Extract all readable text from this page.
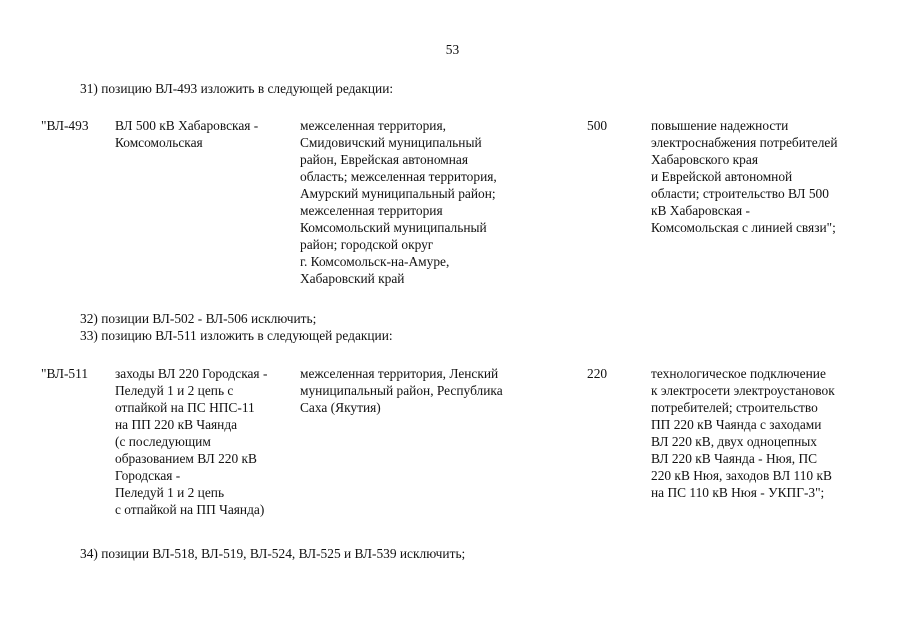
53
31) позицию ВЛ-493 изложить в следующей редакции:
"ВЛ-493 ВЛ 500 кВ Хабаровская -
Комсомольская
межселенная территория,
Смидовичский муниципальный
район, Еврейская автономная
область; межселенная территория,
Амурский муниципальный район;
межселенная территория
Комсомольский муниципальный
район; городской округ
г. Комсомольск-на-Амуре,
Хабаровский край
500	повышение надежности
электроснабжения потребителей
Хабаровского края
и Еврейской автономной
области; строительство ВЛ 500
кВ Хабаровская -
Комсомольская с линией связи";
32) позиции ВЛ-502 - ВЛ-506 исключить;
33) позицию ВЛ-511 изложить в следующей редакции:
"ВЛ-511 заходы ВЛ 220 Городская -
Пеледуй 1 и 2 цепь с
отпайкой на ПС НПС-11
на ПП 220 кВ Чаянда
(с последующим
образованием ВЛ 220 кВ
Городская -
Пеледуй 1 и 2 цепь
с отпайкой на ПП Чаянда)
межселенная территория, Ленский
муниципальный район, Республика
Саха (Якутия)
220	технологическое подключение
к электросети электроустановок
потребителей; строительство
ПП 220 кВ Чаянда с заходами
ВЛ 220 кВ, двух одноцепных
ВЛ 220 кВ Чаянда - Нюя, ПС
220 кВ Нюя, заходов ВЛ 110 кВ
на ПС 110 кВ Нюя - УКПГ-3";
34) позиции ВЛ-518, ВЛ-519, ВЛ-524, ВЛ-525 и ВЛ-539 исключить;
